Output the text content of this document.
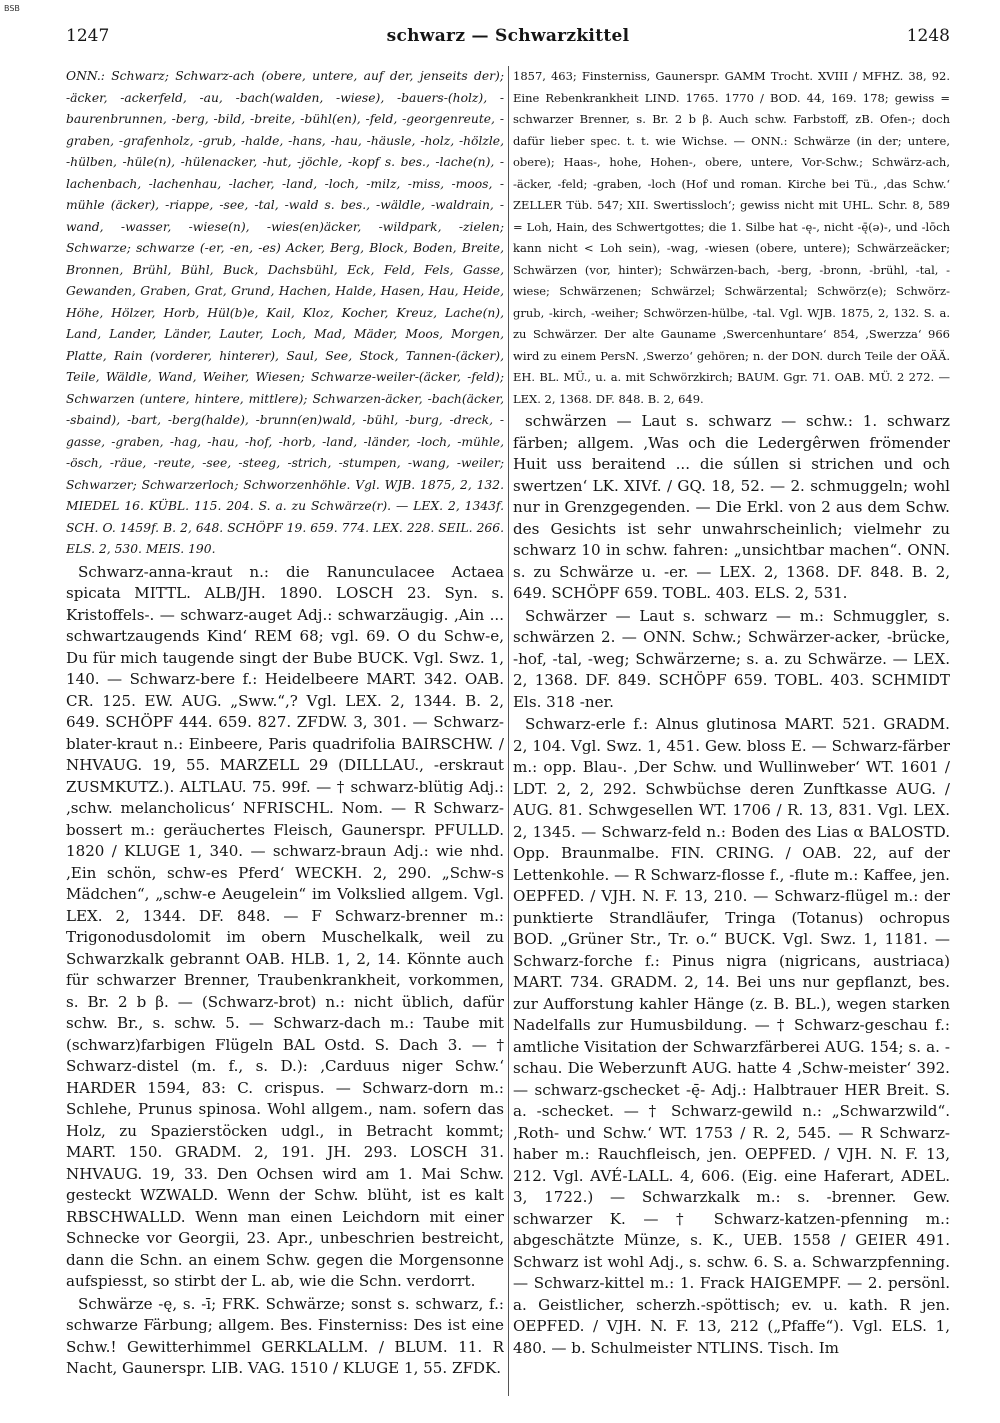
BSB
1247	schwarz — Schwarzkittel	1248

ONN.: Schwarz; Schwarz-ach (obere, untere, auf der, jenseits der); -äcker, -ackerfeld, -au, -bach(walden, -wiese), -bauers-(holz), -baurenbrunnen, -berg, -bild, -breite, -bühl(en), -feld, -georgenreute, -graben, -grafenholz, -grub, -halde, -hans, -hau, -häusle, -holz, -hölzle, -hülben, -hüle(n), -hülenacker, -hut, -jöchle, -kopf s. bes., -lache(n), -lachenbach, -lachenhau, -lacher, -land, -loch, -milz, -miss, -moos, -mühle (äcker), -riappe, -see, -tal, -wald s. bes., -wäldle, -waldrain, -wand, -wasser, -wiese(n), -wies(en)äcker, -wildpark, -zielen; Schwarze; schwarze (-er, -en, -es) Acker, Berg, Block, Boden, Breite, Bronnen, Brühl, Bühl, Buck, Dachsbühl, Eck, Feld, Fels, Gasse, Gewanden, Graben, Grat, Grund, Hachen, Halde, Hasen, Hau, Heide, Höhe, Hölzer, Horb, Hül(b)e, Kail, Kloz, Kocher, Kreuz, Lache(n), Land, Lander, Länder, Lauter, Loch, Mad, Mäder, Moos, Morgen, Platte, Rain (vorderer, hinterer), Saul, See, Stock, Tannen-(äcker), Teile, Wäldle, Wand, Weiher, Wiesen; Schwarze-weiler-(äcker, -feld); Schwarzen (untere, hintere, mittlere); Schwarzen-äcker, -bach(äcker, -sbaind), -bart, -berg(halde), -brunn(en)wald, -bühl, -burg, -dreck, -gasse, -graben, -hag, -hau, -hof, -horb, -land, -länder, -loch, -mühle, -ösch, -räue, -reute, -see, -steeg, -strich, -stumpen, -wang, -weiler; Schwarzer; Schwarzerloch; Schworzenhöhle. Vgl. WJB. 1875, 2, 132. MIEDEL 16. KÜBL. 115. 204. S. a. zu Schwärze(r). — LEX. 2, 1343f. SCH. O. 1459f. B. 2, 648. SCHÖPF 19. 659. 774. LEX. 228. SEIL. 266. ELS. 2, 530. MEIS. 190.

Schwarz-anna-kraut n.: die Ranunculacee Actaea spicata MITTL. ALB/JH. 1890. LOSCH 23. Syn. s. Kristoffels-. — schwarz-auget Adj.: schwarzäugig. ‚Ain ... schwartzaugends Kind‘ REM 68; vgl. 69. O du Schw-e, Du für mich taugende singt der Bube BUCK. Vgl. Swz. 1, 140. — Schwarz-bere f.: Heidelbeere MART. 342. OAB. CR. 125. EW. AUG. „Sww.“,? Vgl. LEX. 2, 1344. B. 2, 649. SCHÖPF 444. 659. 827. ZFDW. 3, 301. — Schwarz-blater-kraut n.: Einbeere, Paris quadrifolia BAIRSCHW. / NHVAUG. 19, 55. MARZELL 29 (DILLLAU., -erskraut ZUSMKUTZ.). ALTLAU. 75. 99f. — † schwarz-blütig Adj.: ‚schw. melancholicus‘ NFRISCHL. Nom. — R Schwarz-bossert m.: geräuchertes Fleisch, Gaunerspr. PFULLD. 1820 / KLUGE 1, 340. — schwarz-braun Adj.: wie nhd. ‚Ein schön, schw-es Pferd‘ WECKH. 2, 290. „Schw-s Mädchen“, „schw-e Aeugelein“ im Volkslied allgem. Vgl. LEX. 2, 1344. DF. 848. — F Schwarz-brenner m.: Trigonodusdolomit im obern Muschelkalk, weil zu Schwarzkalk gebrannt OAB. HLB. 1, 2, 14. Könnte auch für schwarzer Brenner, Traubenkrankheit, vorkommen, s. Br. 2 b β. — (Schwarz-brot) n.: nicht üblich, dafür schw. Br., s. schw. 5. — Schwarz-dach m.: Taube mit (schwarz)farbigen Flügeln BAL Ostd. S. Dach 3. — † Schwarz-distel (m. f., s. D.): ‚Carduus niger Schw.‘ HARDER 1594, 83: C. crispus. — Schwarz-dorn m.: Schlehe, Prunus spinosa. Wohl allgem., nam. sofern das Holz, zu Spazierstöcken udgl., in Betracht kommt; MART. 150. GRADM. 2, 191. JH. 293. LOSCH 31. NHVAUG. 19, 33. Den Ochsen wird am 1. Mai Schw. gesteckt WZWALD. Wenn der Schw. blüht, ist es kalt RBSCHWALLD. Wenn man einen Leichdorn mit einer Schnecke vor Georgii, 23. Apr., unbeschrien bestreicht, dann die Schn. an einem Schw. gegen die Morgensonne aufspiesst, so stirbt der L. ab, wie die Schn. verdorrt.

Schwärze -ę, s. -ī; FRK. Schwärze; sonst s. schwarz, f.: schwarze Färbung; allgem. Bes. Finsterniss: Des ist eine Schw.! Gewitterhimmel GERKLALLM. / BLUM. 11. R Nacht, Gaunerspr. LIB. VAG. 1510 / KLUGE 1, 55. ZFDK.

1857, 463; Finsterniss, Gaunerspr. GAMM Trocht. XVIII / MFHZ. 38, 92. Eine Rebenkrankheit LIND. 1765. 1770 / BOD. 44, 169. 178; gewiss = schwarzer Brenner, s. Br. 2 b β. Auch schw. Farbstoff, zB. Ofen-; doch dafür lieber spec. t. t. wie Wichse. — ONN.: Schwärze (in der; untere, obere); Haas-, hohe, Hohen-, obere, untere, Vor-Schw.; Schwärz-ach, -äcker, -feld; -graben, -loch (Hof und roman. Kirche bei Tü., ‚das Schw.‘ ZELLER Tüb. 547; XII. Swertissloch‘; gewiss nicht mit UHL. Schr. 8, 589 = Loh, Hain, des Schwertgottes; die 1. Silbe hat -ę-, nicht -ę̄(ə)-, und -lōch kann nicht < Loh sein), -wag, -wiesen (obere, untere); Schwärzeäcker; Schwärzen (vor, hinter); Schwärzen-bach, -berg, -bronn, -brühl, -tal, -wiese; Schwärzenen; Schwärzel; Schwärzental; Schwörz(e); Schwörz-grub, -kirch, -weiher; Schwörzen-hülbe, -tal. Vgl. WJB. 1875, 2, 132. S. a. zu Schwärzer. Der alte Gauname ‚Swercenhuntare‘ 854, ‚Swerzza‘ 966 wird zu einem PersN. ‚Swerzo‘ gehören; n. der DON. durch Teile der OÄÄ. EH. BL. MÜ., u. a. mit Schwörzkirch; BAUM. Ggr. 71. OAB. MÜ. 2 272. — LEX. 2, 1368. DF. 848. B. 2, 649.

schwärzen — Laut s. schwarz — schw.: 1. schwarz färben; allgem. ‚Was och die Ledergêrwen frömender Huit uss beraitend ... die súllen si strichen und och swertzen‘ LK. XIVf. / GQ. 18, 52. — 2. schmuggeln; wohl nur in Grenzgegenden. — Die Erkl. von 2 aus dem Schw. des Gesichts ist sehr unwahrscheinlich; vielmehr zu schwarz 10 in schw. fahren: „unsichtbar machen“. ONN. s. zu Schwärze u. -er. — LEX. 2, 1368. DF. 848. B. 2, 649. SCHÖPF 659. TOBL. 403. ELS. 2, 531.

Schwärzer — Laut s. schwarz — m.: Schmuggler, s. schwärzen 2. — ONN. Schw.; Schwärzer-acker, -brücke, -hof, -tal, -weg; Schwärzerne; s. a. zu Schwärze. — LEX. 2, 1368. DF. 849. SCHÖPF 659. TOBL. 403. SCHMIDT Els. 318 -ner.

Schwarz-erle f.: Alnus glutinosa MART. 521. GRADM. 2, 104. Vgl. Swz. 1, 451. Gew. bloss E. — Schwarz-färber m.: opp. Blau-. ‚Der Schw. und Wullinweber‘ WT. 1601 / LDT. 2, 2, 292. Schwbüchse deren Zunftkasse AUG. / AUG. 81. Schwgesellen WT. 1706 / R. 13, 831. Vgl. LEX. 2, 1345. — Schwarz-feld n.: Boden des Lias α BALOSTD. Opp. Braunmalbe. FIN. CRING. / OAB. 22, auf der Lettenkohle. — R Schwarz-flosse f., -flute m.: Kaffee, jen. OEPFED. / VJH. N. F. 13, 210. — Schwarz-flügel m.: der punktierte Strandläufer, Tringa (Totanus) ochropus BOD. „Grüner Str., Tr. o.“ BUCK. Vgl. Swz. 1, 1181. — Schwarz-forche f.: Pinus nigra (nigricans, austriaca) MART. 734. GRADM. 2, 14. Bei uns nur gepflanzt, bes. zur Aufforstung kahler Hänge (z. B. BL.), wegen starken Nadelfalls zur Humusbildung. — † Schwarz-geschau f.: amtliche Visitation der Schwarzfärberei AUG. 154; s. a. -schau. Die Weberzunft AUG. hatte 4 ‚Schw-meister‘ 392. — schwarz-gschecket -ę̄- Adj.: Halbtrauer HER Breit. S. a. -schecket. — † Schwarz-gewild n.: „Schwarzwild“. ‚Roth- und Schw.‘ WT. 1753 / R. 2, 545. — R Schwarz-haber m.: Rauchfleisch, jen. OEPFED. / VJH. N. F. 13, 212. Vgl. AVÉ-LALL. 4, 606. (Eig. eine Haferart, ADEL. 3, 1722.) — Schwarzkalk m.: s. -brenner. Gew. schwarzer K. — † Schwarz-katzen-pfenning m.: abgeschätzte Münze, s. K., UEB. 1558 / GEIER 491. Schwarz ist wohl Adj., s. schw. 6. S. a. Schwarzpfenning. — Schwarz-kittel m.: 1. Frack HAIGEMPF. — 2. persönl. a. Geistlicher, scherzh.-spöttisch; ev. u. kath. R jen. OEPFED. / VJH. N. F. 13, 212 („Pfaffe“). Vgl. ELS. 1, 480. — b. Schulmeister NTLINS. Tisch. Im
